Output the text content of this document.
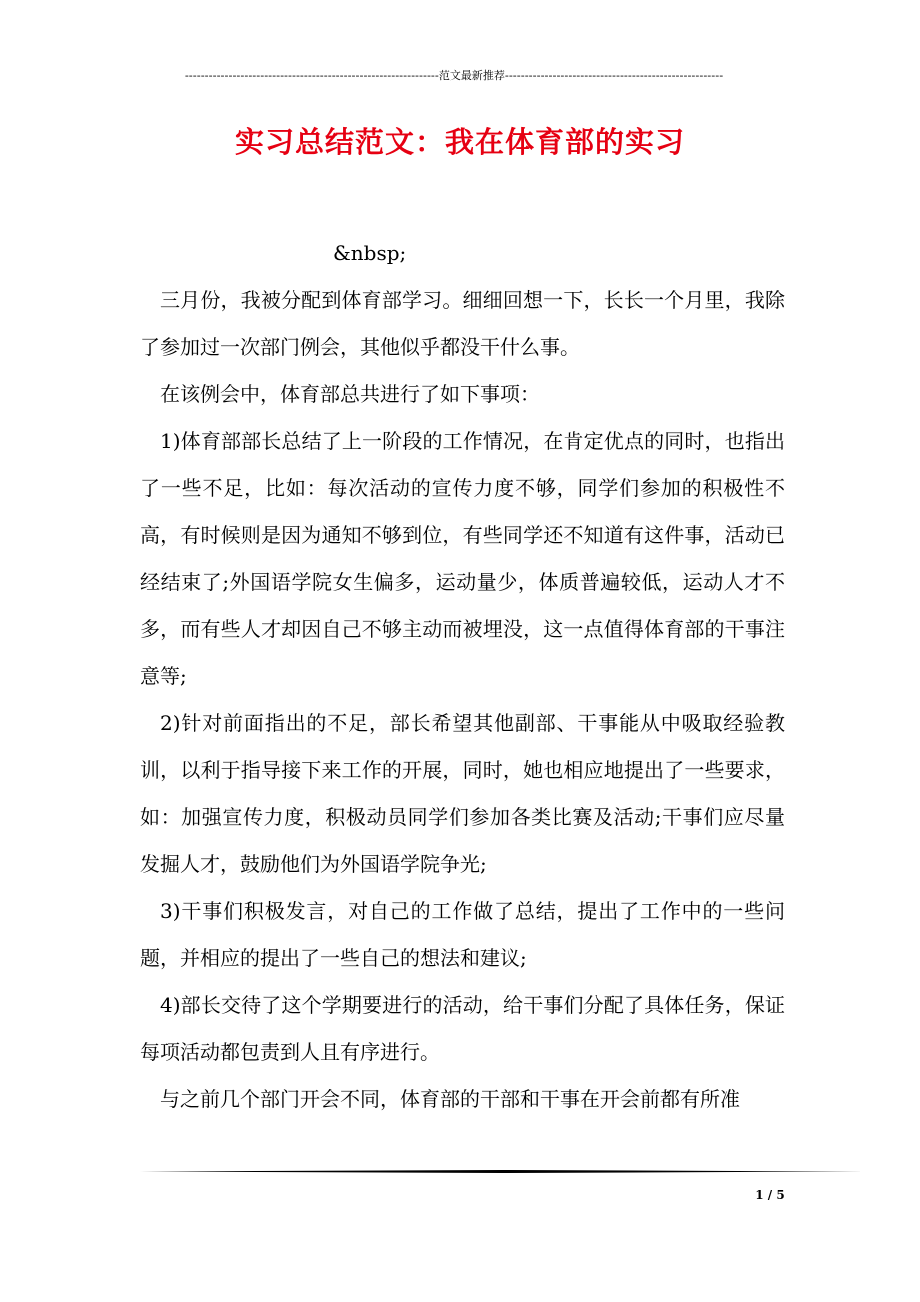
----------------------------------------------------------------范文最新推荐-------------------------------------------------------
实习总结范文：我在体育部的实习

&nbsp;

三月份，我被分配到体育部学习。细细回想一下，长长一个月里，我除了参加过一次部门例会，其他似乎都没干什么事。

在该例会中，体育部总共进行了如下事项：

1)体育部部长总结了上一阶段的工作情况，在肯定优点的同时，也指出了一些不足，比如：每次活动的宣传力度不够，同学们参加的积极性不高，有时候则是因为通知不够到位，有些同学还不知道有这件事，活动已经结束了;外国语学院女生偏多，运动量少，体质普遍较低，运动人才不多，而有些人才却因自己不够主动而被埋没，这一点值得体育部的干事注意等;

2)针对前面指出的不足，部长希望其他副部、干事能从中吸取经验教训，以利于指导接下来工作的开展，同时，她也相应地提出了一些要求，如：加强宣传力度，积极动员同学们参加各类比赛及活动;干事们应尽量发掘人才，鼓励他们为外国语学院争光;

3)干事们积极发言，对自己的工作做了总结，提出了工作中的一些问题，并相应的提出了一些自己的想法和建议;

4)部长交待了这个学期要进行的活动，给干事们分配了具体任务，保证每项活动都包责到人且有序进行。

与之前几个部门开会不同，体育部的干部和干事在开会前都有所准

1 / 5
